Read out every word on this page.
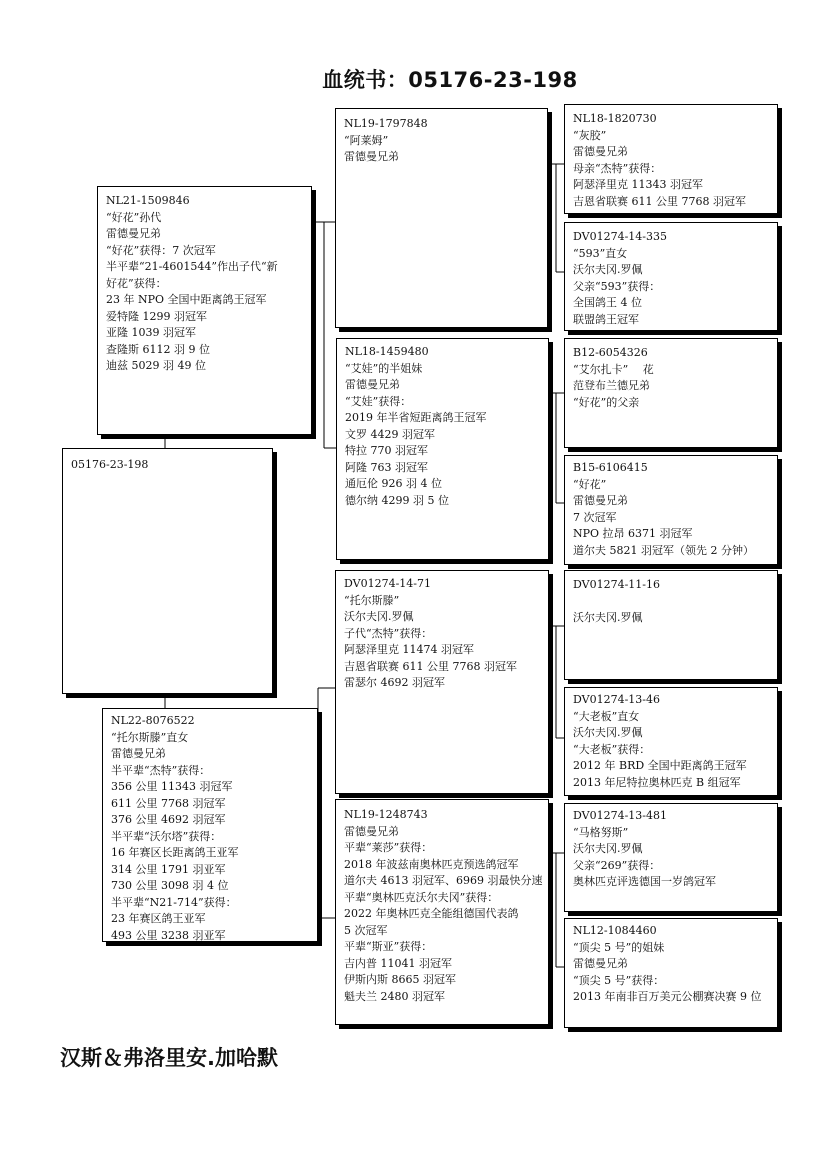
血统书：05176-23-198
05176-23-198
NL21-1509846
“好花”孙代
雷德曼兄弟
“好花”获得：7 次冠军
半平辈“21-4601544”作出子代“新
好花”获得：
23 年 NPO 全国中距离鸽王冠军
爱特隆 1299 羽冠军
亚隆 1039 羽冠军
查隆斯 6112 羽 9 位
迪兹 5029 羽 49 位
NL22-8076522
“托尔斯滕”直女
雷德曼兄弟
半平辈“杰特”获得：
356 公里 11343 羽冠军
611 公里 7768 羽冠军
376 公里 4692 羽冠军
半平辈“沃尔塔”获得：
16 年赛区长距离鸽王亚军
314 公里 1791 羽亚军
730 公里 3098 羽 4 位
半平辈“N21-714”获得：
23 年赛区鸽王亚军
493 公里 3238 羽亚军
NL19-1797848
“阿莱姆”
雷德曼兄弟
NL18-1459480
“艾娃”的半姐妹
雷德曼兄弟
“艾娃”获得：
2019 年半省短距离鸽王冠军
文罗 4429 羽冠军
特拉 770 羽冠军
阿隆 763 羽冠军
通厄伦 926 羽 4 位
德尔纳 4299 羽 5 位
DV01274-14-71
“托尔斯滕”
沃尔夫冈.罗佩
子代“杰特”获得：
阿瑟泽里克 11474 羽冠军
吉恩省联赛 611 公里 7768 羽冠军
雷瑟尔 4692 羽冠军
NL19-1248743
雷德曼兄弟
平辈“莱莎”获得：
2018 年波兹南奥林匹克预选鸽冠军
道尔夫 4613 羽冠军、6969 羽最快分速
平辈“奥林匹克沃尔夫冈”获得：
2022 年奥林匹克全能组德国代表鸽
5 次冠军
平辈“斯亚”获得：
吉内普 11041 羽冠军
伊斯内斯 8665 羽冠军
魁夫兰 2480 羽冠军
NL18-1820730
“灰胶”
雷德曼兄弟
母亲“杰特”获得：
阿瑟泽里克 11343 羽冠军
吉恩省联赛 611 公里 7768 羽冠军
DV01274-14-335
“593”直女
沃尔夫冈.罗佩
父亲“593”获得：
全国鸽王 4 位
联盟鸽王冠军
B12-6054326
“艾尔扎卡”　 花
范登布兰德兄弟
“好花”的父亲
B15-6106415
“好花”
雷德曼兄弟
7 次冠军
NPO 拉昂 6371 羽冠军
道尔夫 5821 羽冠军（领先 2 分钟）
DV01274-11-16

沃尔夫冈.罗佩
DV01274-13-46
“大老板”直女
沃尔夫冈.罗佩
“大老板”获得：
2012 年 BRD 全国中距离鸽王冠军
2013 年尼特拉奥林匹克 B 组冠军
DV01274-13-481
“马格努斯”
沃尔夫冈.罗佩
父亲“269”获得：
奥林匹克评选德国一岁鸽冠军
NL12-1084460
“顶尖 5 号”的姐妹
雷德曼兄弟
“顶尖 5 号”获得：
2013 年南非百万美元公棚赛决赛 9 位
汉斯＆弗洛里安.加哈默
